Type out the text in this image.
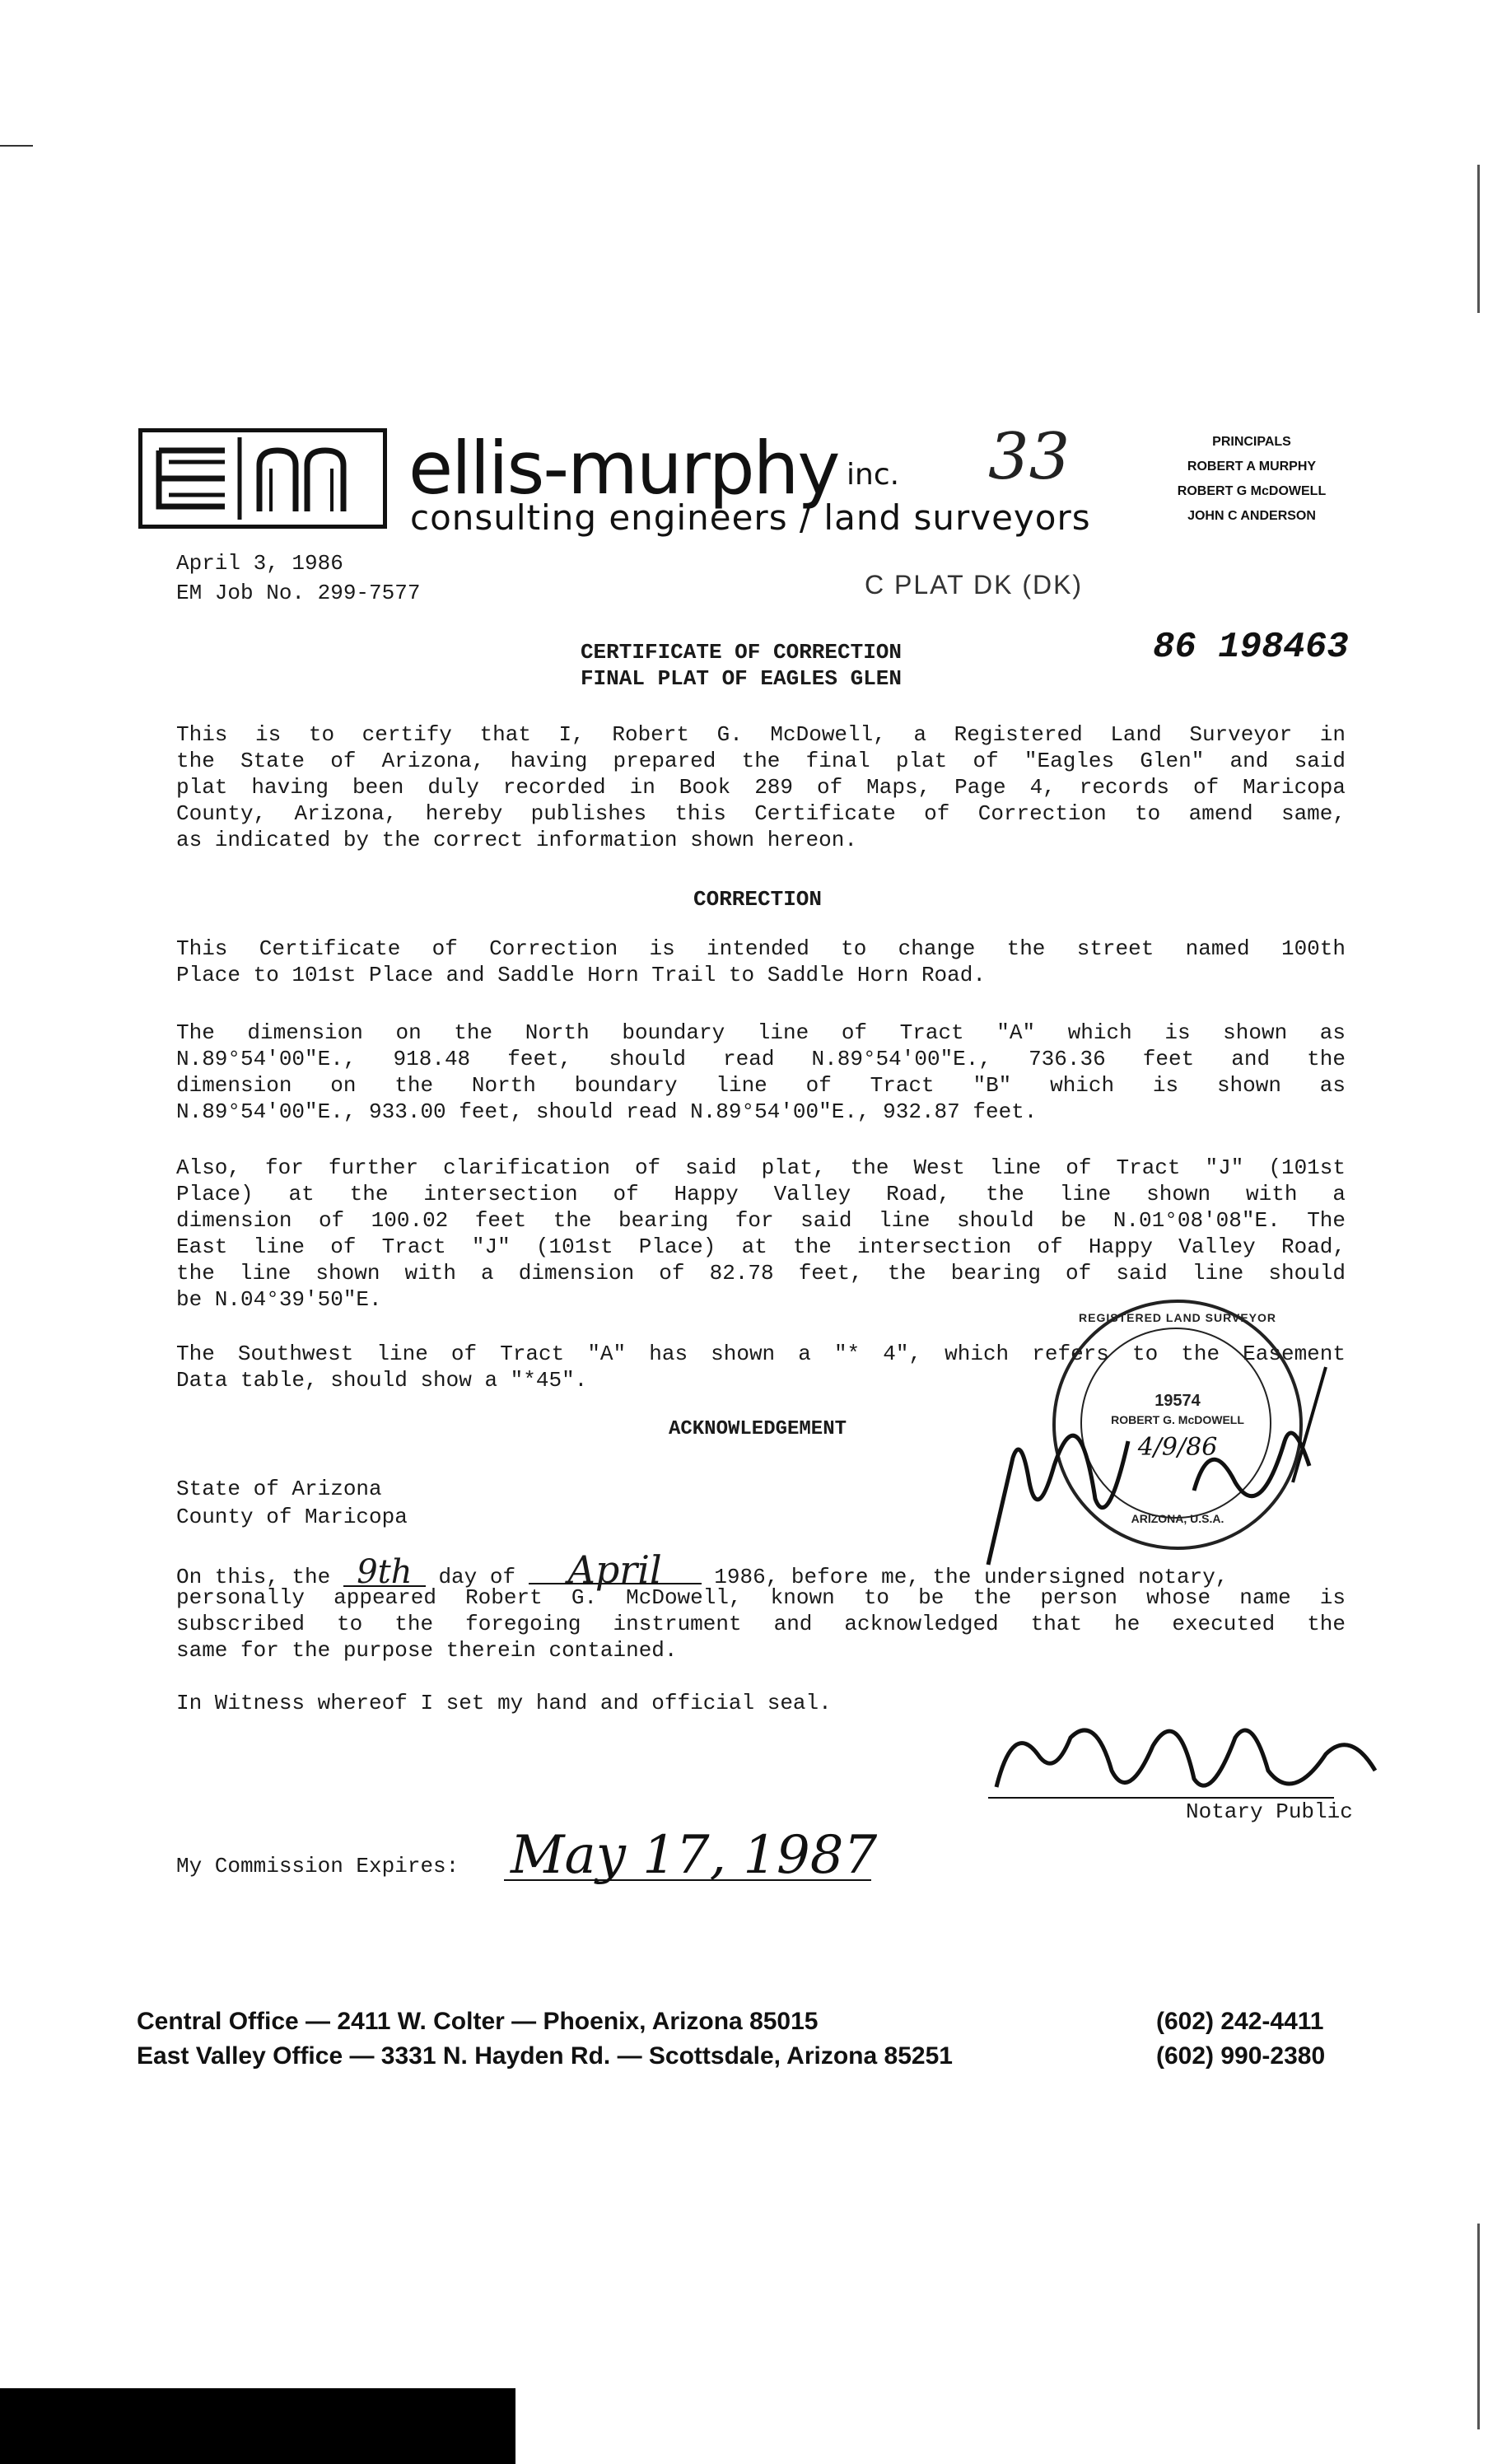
ellis-murphy inc.
consulting engineers / land surveyors
33	PRINCIPALS
ROBERT A MURPHY
ROBERT G McDOWELL
JOHN C ANDERSON
April 3, 1986
EM Job No. 299-7577	C PLAT DK (DK)
86 198463
CERTIFICATE OF CORRECTION
FINAL PLAT OF EAGLES GLEN
This is to certify that I, Robert G. McDowell, a Registered Land Surveyor in
the State of Arizona, having prepared the final plat of "Eagles Glen" and said
plat having been duly recorded in Book 289 of Maps, Page 4, records of Maricopa
County, Arizona, hereby publishes this Certificate of Correction to amend same,
as indicated by the correct information shown hereon.
CORRECTION
This Certificate of Correction is intended to change the street named 100th
Place to 101st Place and Saddle Horn Trail to Saddle Horn Road.
The dimension on the North boundary line of Tract "A" which is shown as
N.89°54'00"E., 918.48 feet, should read N.89°54'00"E., 736.36 feet and the
dimension on the North boundary line of Tract "B" which is shown as
N.89°54'00"E., 933.00 feet, should read N.89°54'00"E., 932.87 feet.
Also, for further clarification of said plat, the West line of Tract "J" (101st
Place) at the intersection of Happy Valley Road, the line shown with a
dimension of 100.02 feet the bearing for said line should be N.01°08'08"E. The
East line of Tract "J" (101st Place) at the intersection of Happy Valley Road,
the line shown with a dimension of 82.78 feet, the bearing of said line should
be N.04°39'50"E.
The Southwest line of Tract "A" has shown a "* 4", which refers to the Easement
Data table, should show a "*45".
REGISTERED LAND SURVEYOR
19574
ROBERT G. McDOWELL
4/9/86
ARIZONA, U.S.A.
ACKNOWLEDGEMENT
State of Arizona
County of Maricopa
On this, the 9th day of April 1986, before me, the undersigned notary,
personally appeared Robert G. McDowell, known to be the person whose name is
subscribed to the foregoing instrument and acknowledged that he executed the
same for the purpose therein contained.
In Witness whereof I set my hand and official seal.
Notary Public
My Commission Expires: May 17, 1987
Central Office — 2411 W. Colter — Phoenix, Arizona 85015	(602) 242-4411
East Valley Office — 3331 N. Hayden Rd. — Scottsdale, Arizona 85251	(602) 990-2380
